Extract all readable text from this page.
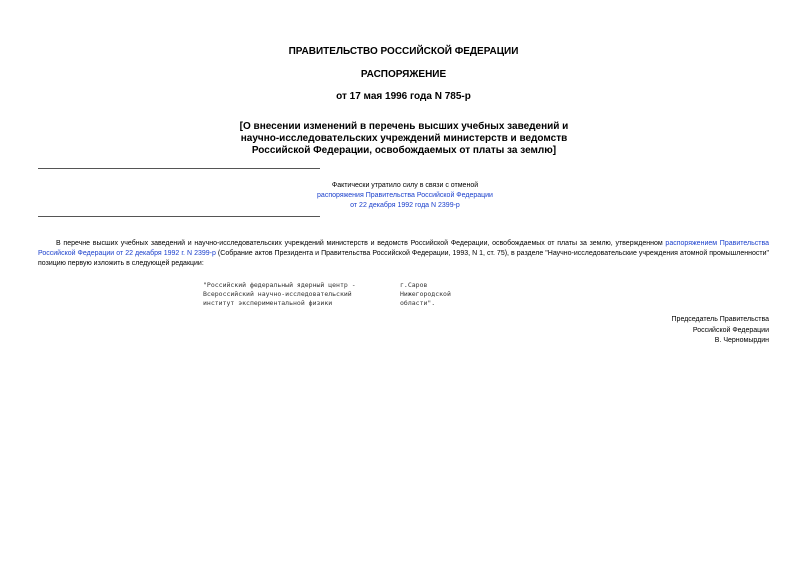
ПРАВИТЕЛЬСТВО РОССИЙСКОЙ ФЕДЕРАЦИИ
РАСПОРЯЖЕНИЕ
от 17 мая 1996 года N 785-р
[О внесении изменений в перечень высших учебных заведений и
научно-исследовательских учреждений министерств и ведомств
Российской Федерации, освобождаемых от платы за землю]
Фактически утратило силу в связи с отменой
распоряжения Правительства Российской Федерации
от 22 декабря 1992 года N 2399-р
В перечне высших учебных заведений и научно-исследовательских учреждений министерств и ведомств Российской Федерации, освобождаемых от платы за землю, утвержденном распоряжением Правительства Российской Федерации от 22 декабря 1992 г. N 2399-р (Собрание актов Президента и Правительства Российской Федерации, 1993, N 1, ст. 75), в разделе "Научно-исследовательские учреждения атомной промышленности" позицию первую изложить в следующей редакции:
"Российский федеральный ядерный центр -
Всероссийский научно-исследовательский
институт экспериментальной физики
г.Саров
Нижегородской
области".
Председатель Правительства
Российской Федерации
В. Черномырдин
